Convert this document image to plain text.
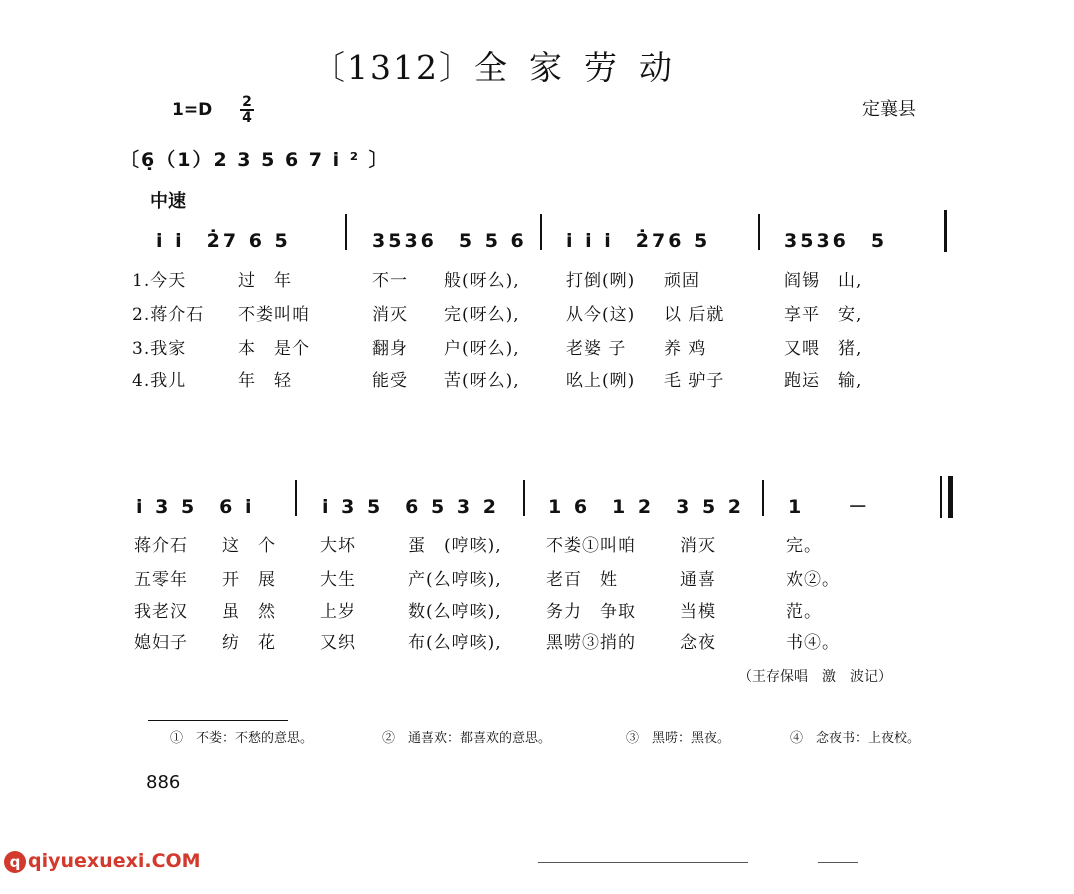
〔1312〕全家劳动
$1=D \frac{2}{4}$	定襄县
〔6̣（1）2 3 5 6 7 i ² 〕
中速
i i　2̇7 6 5	3536　5 5 6 i i i　2̇76 5	3536　5
1.今天	过　年	不一 般(呀么),	打倒(咧) 顽固	阎锡　山,
2.蒋介石 不娄叫咱	消灭 完(呀么),	从今(这) 以 后就	享平　安,
3.我家	本　是个	翻身 户(呀么),	老婆 子 养 鸡	又喂　猪,
4.我儿	年　轻	能受 苦(呀么),	吆上(咧) 毛 驴子	跑运　输,
i 3 5　6 i	i 3 5　6 5 3 2	1 6　1 2　3 5 2 1　　－
蒋介石 这　个	大坏	蛋　(哼咳),	不娄①叫咱	消灭	完。
五零年 开　展	大生	产(么哼咳),	老百　姓	通喜	欢②。
我老汉 虽　然	上岁	数(么哼咳),	务力　争取	当模	范。
媳妇子 纺　花	又织	布(么哼咳),	黑唠③捎的	念夜	书④。
（王存保唱　激　波记）
①　不娄：不愁的意思。	②　通喜欢：都喜欢的意思。	③　黑唠：黑夜。	④　念夜书：上夜校。
886
q qiyuexuexi.COM
